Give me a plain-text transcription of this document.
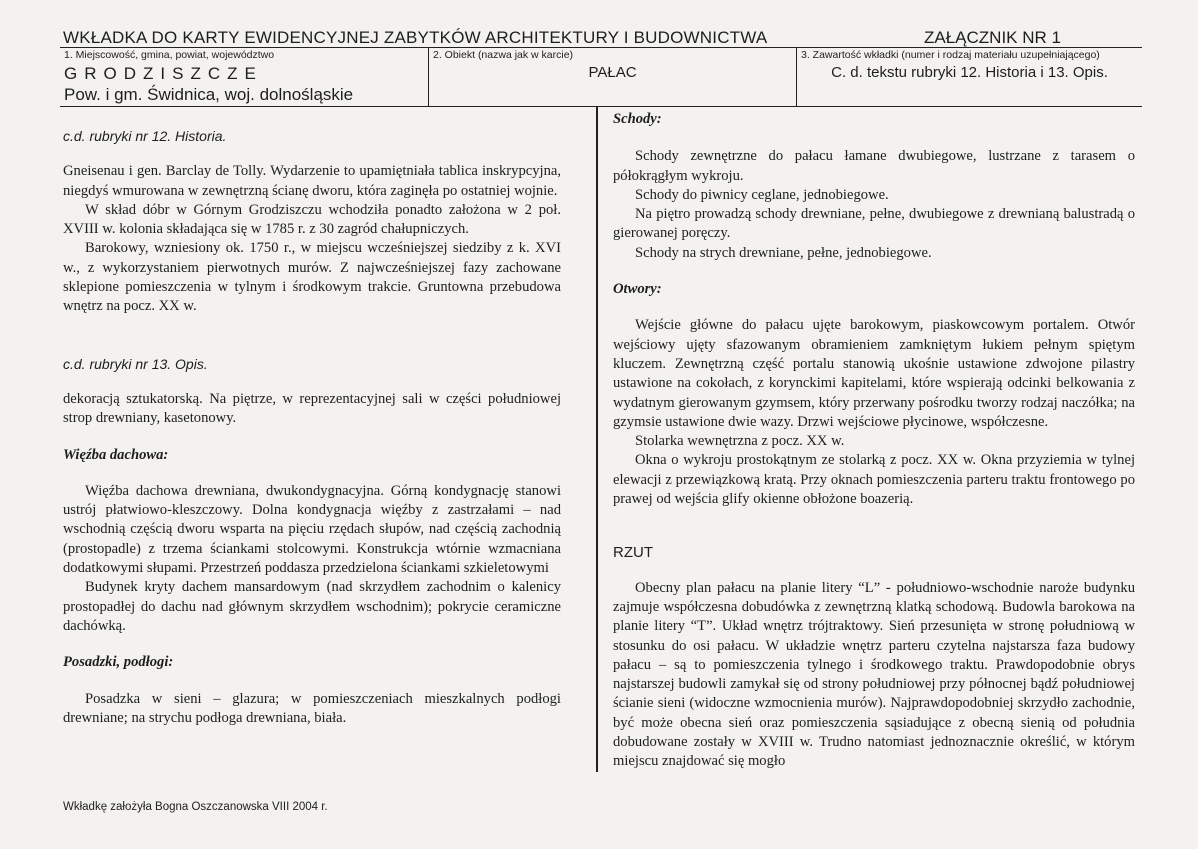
WKŁADKA DO KARTY EWIDENCYJNEJ ZABYTKÓW ARCHITEKTURY I BUDOWNICTWA	ZAŁĄCZNIK NR 1
1. Miejscowość, gmina, powiat, województwo
GRODZISZCZE
Pow. i gm. Świdnica, woj. dolnośląskie
2. Obiekt (nazwa jak w karcie)
PAŁAC
3. Zawartość wkładki (numer i rodzaj materiału uzupełniającego)
C. d. tekstu rubryki 12. Historia i 13. Opis.
c.d. rubryki nr 12. Historia.

Gneisenau i gen. Barclay de Tolly. Wydarzenie to upamiętniała tablica inskrypcyjna, niegdyś wmurowana w zewnętrzną ścianę dworu, która zaginęła po ostatniej wojnie.

W skład dóbr w Górnym Grodziszczu wchodziła ponadto założona w 2 poł. XVIII w. kolonia składająca się w 1785 r. z 30 zagród chałupniczych.

Barokowy, wzniesiony ok. 1750 r., w miejscu wcześniejszej siedziby z k. XVI w., z wykorzystaniem pierwotnych murów. Z najwcześniejszej fazy zachowane sklepione pomieszczenia w tylnym i środkowym trakcie. Gruntowna przebudowa wnętrz na pocz. XX w.

c.d. rubryki nr 13. Opis.

dekoracją sztukatorską. Na piętrze, w reprezentacyjnej sali w części południowej strop drewniany, kasetonowy.

Więźba dachowa:

Więźba dachowa drewniana, dwukondygnacyjna. Górną kondygnację stanowi ustrój płatwiowo-kleszczowy. Dolna kondygnacja więźby z zastrzałami – nad wschodnią częścią dworu wsparta na pięciu rzędach słupów, nad częścią zachodnią (prostopadle) z trzema ściankami stolcowymi. Konstrukcja wtórnie wzmacniana dodatkowymi słupami. Przestrzeń poddasza przedzielona ściankami szkieletowymi

Budynek kryty dachem mansardowym (nad skrzydłem zachodnim o kalenicy prostopadłej do dachu nad głównym skrzydłem wschodnim); pokrycie ceramiczne dachówką.

Posadzki, podłogi:

Posadzka w sieni – glazura; w pomieszczeniach mieszkalnych podłogi drewniane; na strychu podłoga drewniana, biała.

Schody:

Schody zewnętrzne do pałacu łamane dwubiegowe, lustrzane z tarasem o półokrągłym wykroju.

Schody do piwnicy ceglane, jednobiegowe.

Na piętro prowadzą schody drewniane, pełne, dwubiegowe z drewnianą balustradą o gierowanej poręczy.

Schody na strych drewniane, pełne, jednobiegowe.

Otwory:

Wejście główne do pałacu ujęte barokowym, piaskowcowym portalem. Otwór wejściowy ujęty sfazowanym obramieniem zamkniętym łukiem pełnym spiętym kluczem. Zewnętrzną część portalu stanowią ukośnie ustawione zdwojone pilastry ustawione na cokołach, z korynckimi kapitelami, które wspierają odcinki belkowania z wydatnym gierowanym gzymsem, który przerwany pośrodku tworzy rodzaj naczółka; na gzymsie ustawione dwie wazy. Drzwi wejściowe płycinowe, współczesne.

Stolarka wewnętrzna z pocz. XX w.

Okna o wykroju prostokątnym ze stolarką z pocz. XX w. Okna przyziemia w tylnej elewacji z przewiązkową kratą. Przy oknach pomieszczenia parteru traktu frontowego po prawej od wejścia glify okienne obłożone boazerią.

RZUT

Obecny plan pałacu na planie litery “L” - południowo-wschodnie naroże budynku zajmuje współczesna dobudówka z zewnętrzną klatką schodową. Budowla barokowa na planie litery “T”. Układ wnętrz trójtraktowy. Sień przesunięta w stronę południową w stosunku do osi pałacu. W układzie wnętrz parteru czytelna najstarsza faza budowy pałacu – są to pomieszczenia tylnego i środkowego traktu. Prawdopodobnie obrys najstarszej budowli zamykał się od strony południowej przy północnej bądź południowej ścianie sieni (widoczne wzmocnienia murów). Najprawdopodobniej skrzydło zachodnie, być może obecna sień oraz pomieszczenia sąsiadujące z obecną sienią od południa dobudowane zostały w XVIII w. Trudno natomiast jednoznacznie określić, w którym miejscu znajdować się mogło

Wkładkę założyła Bogna Oszczanowska VIII 2004 r.
